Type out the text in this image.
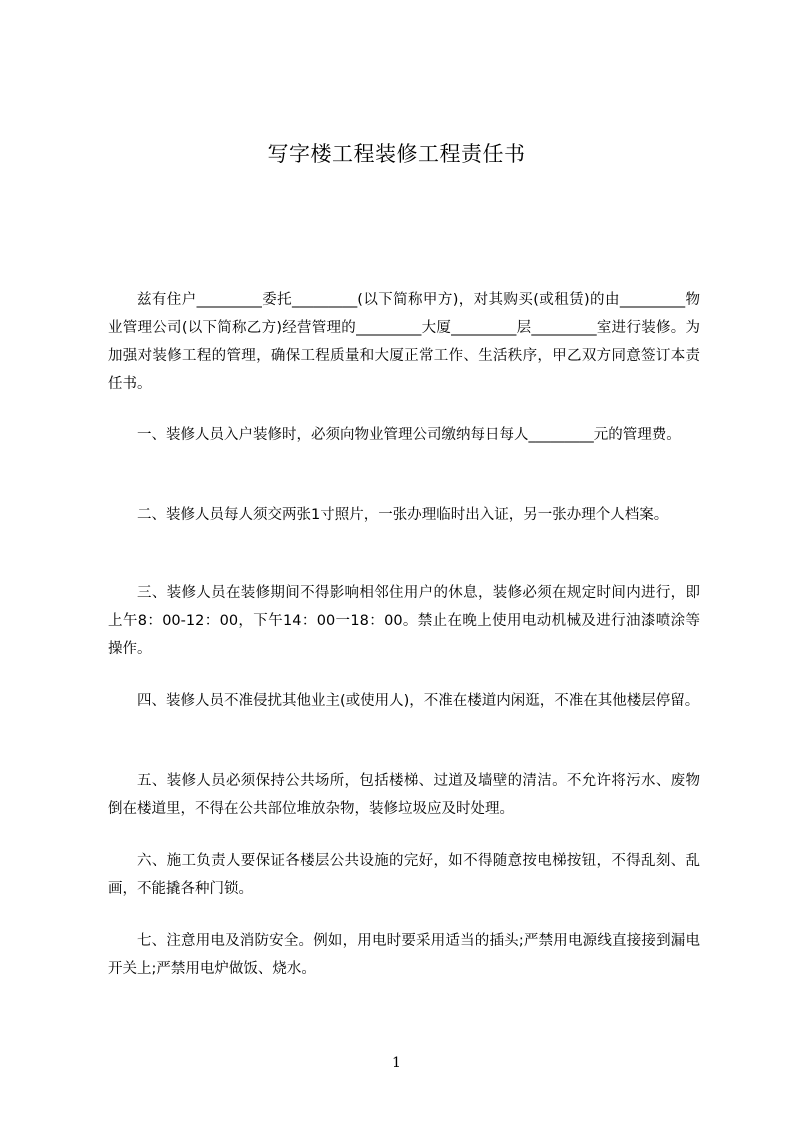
写字楼工程装修工程责任书

兹有住户_________委托_________(以下简称甲方)，对其购买(或租赁)的由_________物业管理公司(以下简称乙方)经营管理的_________大厦_________层_________室进行装修。为加强对装修工程的管理，确保工程质量和大厦正常工作、生活秩序，甲乙双方同意签订本责任书。

一、装修人员入户装修时，必须向物业管理公司缴纳每日每人_________元的管理费。

二、装修人员每人须交两张1寸照片，一张办理临时出入证，另一张办理个人档案。

三、装修人员在装修期间不得影响相邻住用户的休息，装修必须在规定时间内进行，即上午8：00-12：00，下午14：00一18：00。禁止在晚上使用电动机械及进行油漆喷涂等操作。

四、装修人员不准侵扰其他业主(或使用人)，不准在楼道内闲逛，不准在其他楼层停留。

五、装修人员必须保持公共场所，包括楼梯、过道及墙壁的清洁。不允许将污水、废物倒在楼道里，不得在公共部位堆放杂物，装修垃圾应及时处理。

六、施工负责人要保证各楼层公共设施的完好，如不得随意按电梯按钮，不得乱刻、乱画，不能撬各种门锁。

七、注意用电及消防安全。例如，用电时要采用适当的插头;严禁用电源线直接接到漏电开关上;严禁用电炉做饭、烧水。

1
